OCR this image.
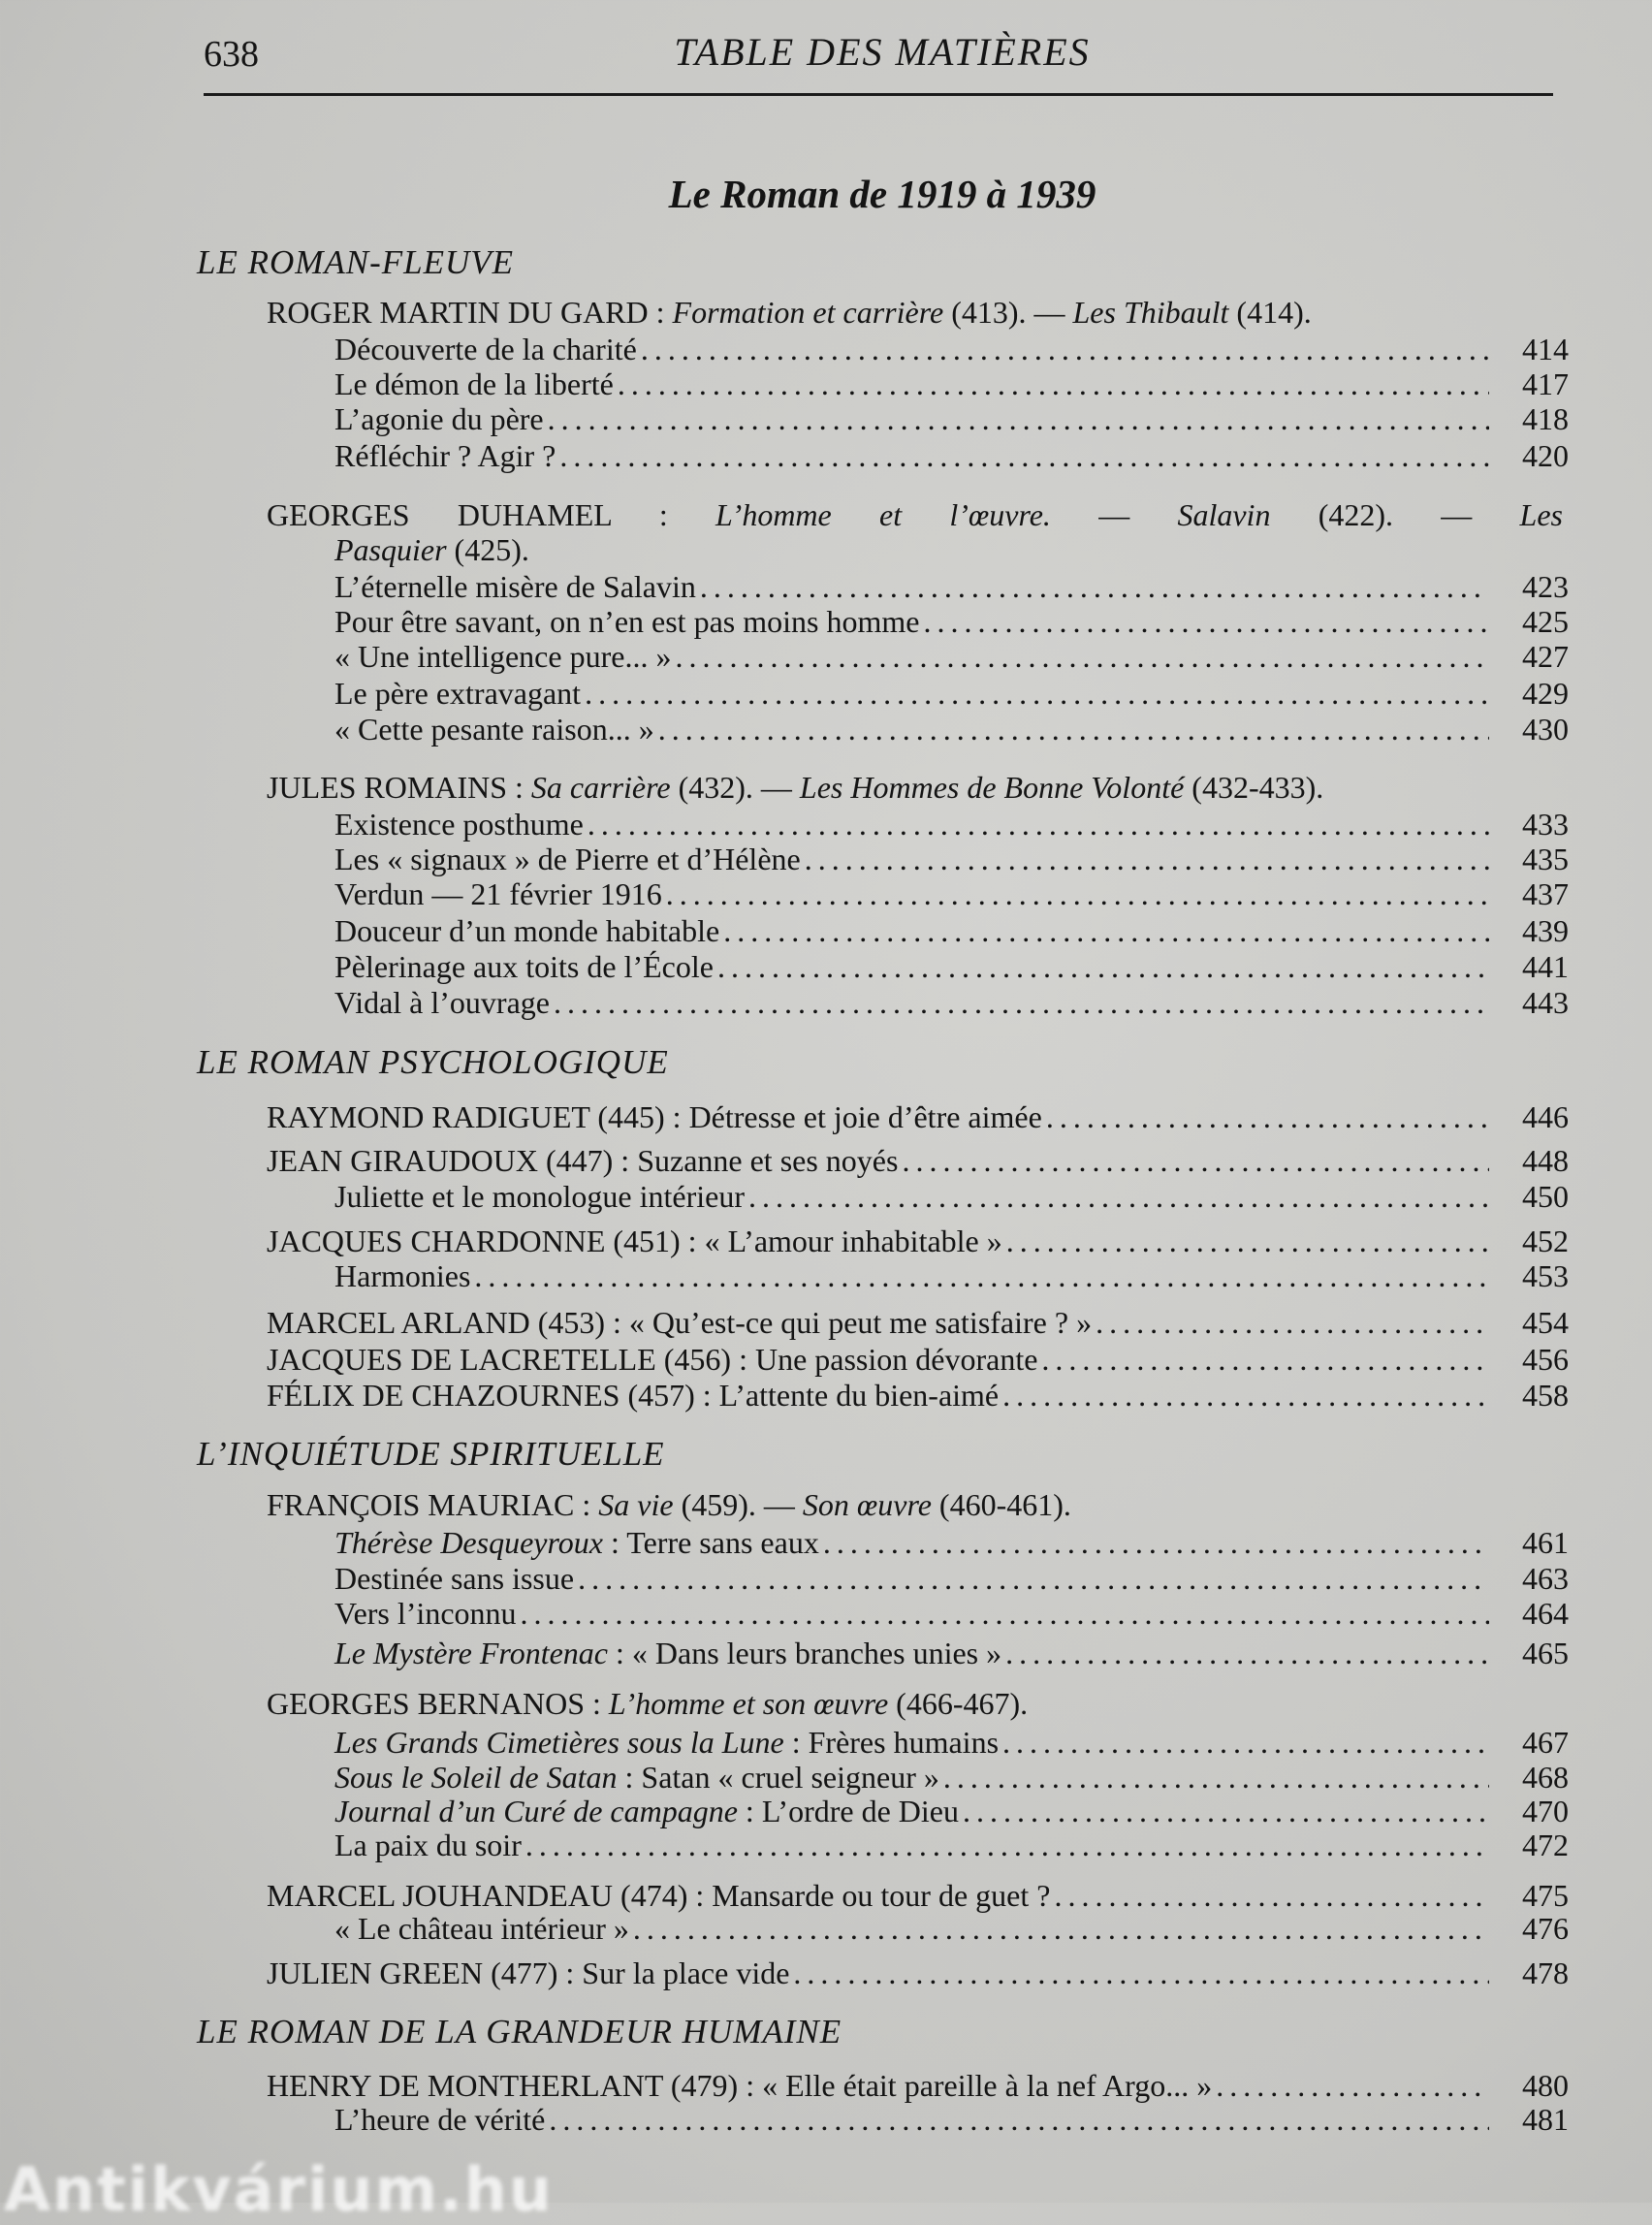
638	TABLE DES MATIÈRES
Le Roman de 1919 à 1939
LE ROMAN-FLEUVE
ROGER MARTIN DU GARD : Formation et carrière (413). — Les Thibault (414).
Découverte de la charité .....	414
Le démon de la liberté .....	417
L’agonie du père .....	418
Réfléchir ? Agir ? .....	420
GEORGES DUHAMEL : L’homme et l’œuvre. — Salavin (422). — Les
Pasquier (425).
L’éternelle misère de Salavin .....	423
Pour être savant, on n’en est pas moins homme .....	425
« Une intelligence pure... » .....	427
Le père extravagant .....	429
« Cette pesante raison... » .....	430
JULES ROMAINS : Sa carrière (432). — Les Hommes de Bonne Volonté (432-433).
Existence posthume .....	433
Les « signaux » de Pierre et d’Hélène .....	435
Verdun — 21 février 1916 .....	437
Douceur d’un monde habitable .....	439
Pèlerinage aux toits de l’École .....	441
Vidal à l’ouvrage .....	443
LE ROMAN PSYCHOLOGIQUE
RAYMOND RADIGUET (445) : Détresse et joie d’être aimée .....	446
JEAN GIRAUDOUX (447) : Suzanne et ses noyés .....	448
Juliette et le monologue intérieur .....	450
JACQUES CHARDONNE (451) : « L’amour inhabitable » .....	452
Harmonies .....	453
MARCEL ARLAND (453) : « Qu’est-ce qui peut me satisfaire ? » .....	454
JACQUES DE LACRETELLE (456) : Une passion dévorante .....	456
FÉLIX DE CHAZOURNES (457) : L’attente du bien-aimé .....	458
L’INQUIÉTUDE SPIRITUELLE
FRANÇOIS MAURIAC : Sa vie (459). — Son œuvre (460-461).
Thérèse Desqueyroux : Terre sans eaux .....	461
Destinée sans issue .....	463
Vers l’inconnu .....	464
Le Mystère Frontenac : « Dans leurs branches unies » .....	465
GEORGES BERNANOS : L’homme et son œuvre (466-467).
Les Grands Cimetières sous la Lune : Frères humains .....	467
Sous le Soleil de Satan : Satan « cruel seigneur » .....	468
Journal d’un Curé de campagne : L’ordre de Dieu .....	470
La paix du soir .....	472
MARCEL JOUHANDEAU (474) : Mansarde ou tour de guet ? .....	475
« Le château intérieur » .....	476
JULIEN GREEN (477) : Sur la place vide .....	478
LE ROMAN DE LA GRANDEUR HUMAINE
HENRY DE MONTHERLANT (479) : « Elle était pareille à la nef Argo... » .....	480
L’heure de vérité .....	481
Antikvárium.hu
